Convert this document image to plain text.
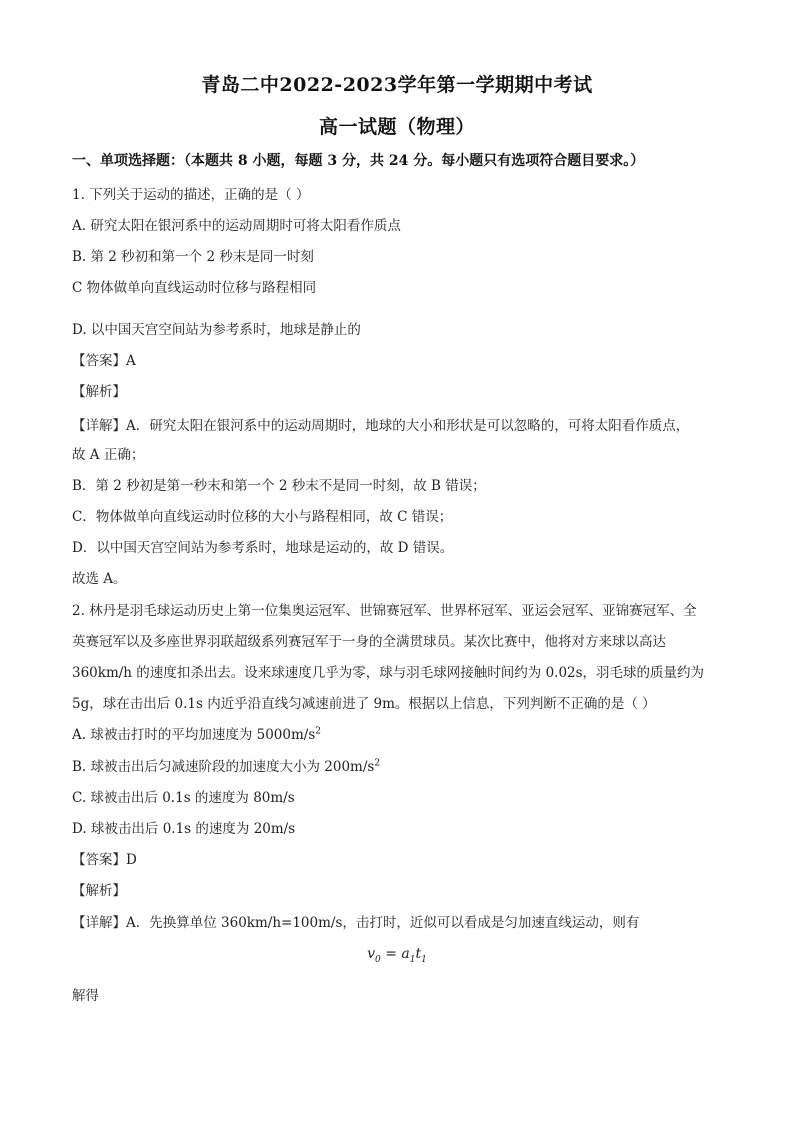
青岛二中2022-2023学年第一学期期中考试
高一试题（物理）
一、单项选择题：（本题共 8 小题，每题 3 分，共 24 分。每小题只有选项符合题目要求。）
1. 下列关于运动的描述，正确的是（ ）
A. 研究太阳在银河系中的运动周期时可将太阳看作质点
B. 第 2 秒初和第一个 2 秒末是同一时刻
C 物体做单向直线运动时位移与路程相同
D. 以中国天宫空间站为参考系时，地球是静止的
【答案】A
【解析】
【详解】A．研究太阳在银河系中的运动周期时，地球的大小和形状是可以忽略的，可将太阳看作质点，
故 A 正确；
B．第 2 秒初是第一秒末和第一个 2 秒末不是同一时刻，故 B 错误；
C．物体做单向直线运动时位移的大小与路程相同，故 C 错误；
D．以中国天宫空间站为参考系时，地球是运动的，故 D 错误。
故选 A。
2. 林丹是羽毛球运动历史上第一位集奥运冠军、世锦赛冠军、世界杯冠军、亚运会冠军、亚锦赛冠军、全
英赛冠军以及多座世界羽联超级系列赛冠军于一身的全满贯球员。某次比赛中，他将对方来球以高达
360km/h 的速度扣杀出去。设来球速度几乎为零，球与羽毛球网接触时间约为 0.02s，羽毛球的质量约为
5g，球在击出后 0.1s 内近乎沿直线匀减速前进了 9m。根据以上信息，下列判断不正确的是（ ）
A. 球被击打时的平均加速度为 $5000m/s^2$
B. 球被击出后匀减速阶段的加速度大小为 $200m/s^2$
C. 球被击出后 0.1s 的速度为 80m/s
D. 球被击出后 0.1s 的速度为 20m/s
【答案】D
【解析】
【详解】A．先换算单位 360km/h=100m/s，击打时，近似可以看成是匀加速直线运动，则有
$v_0 = a_1t_1$
解得
